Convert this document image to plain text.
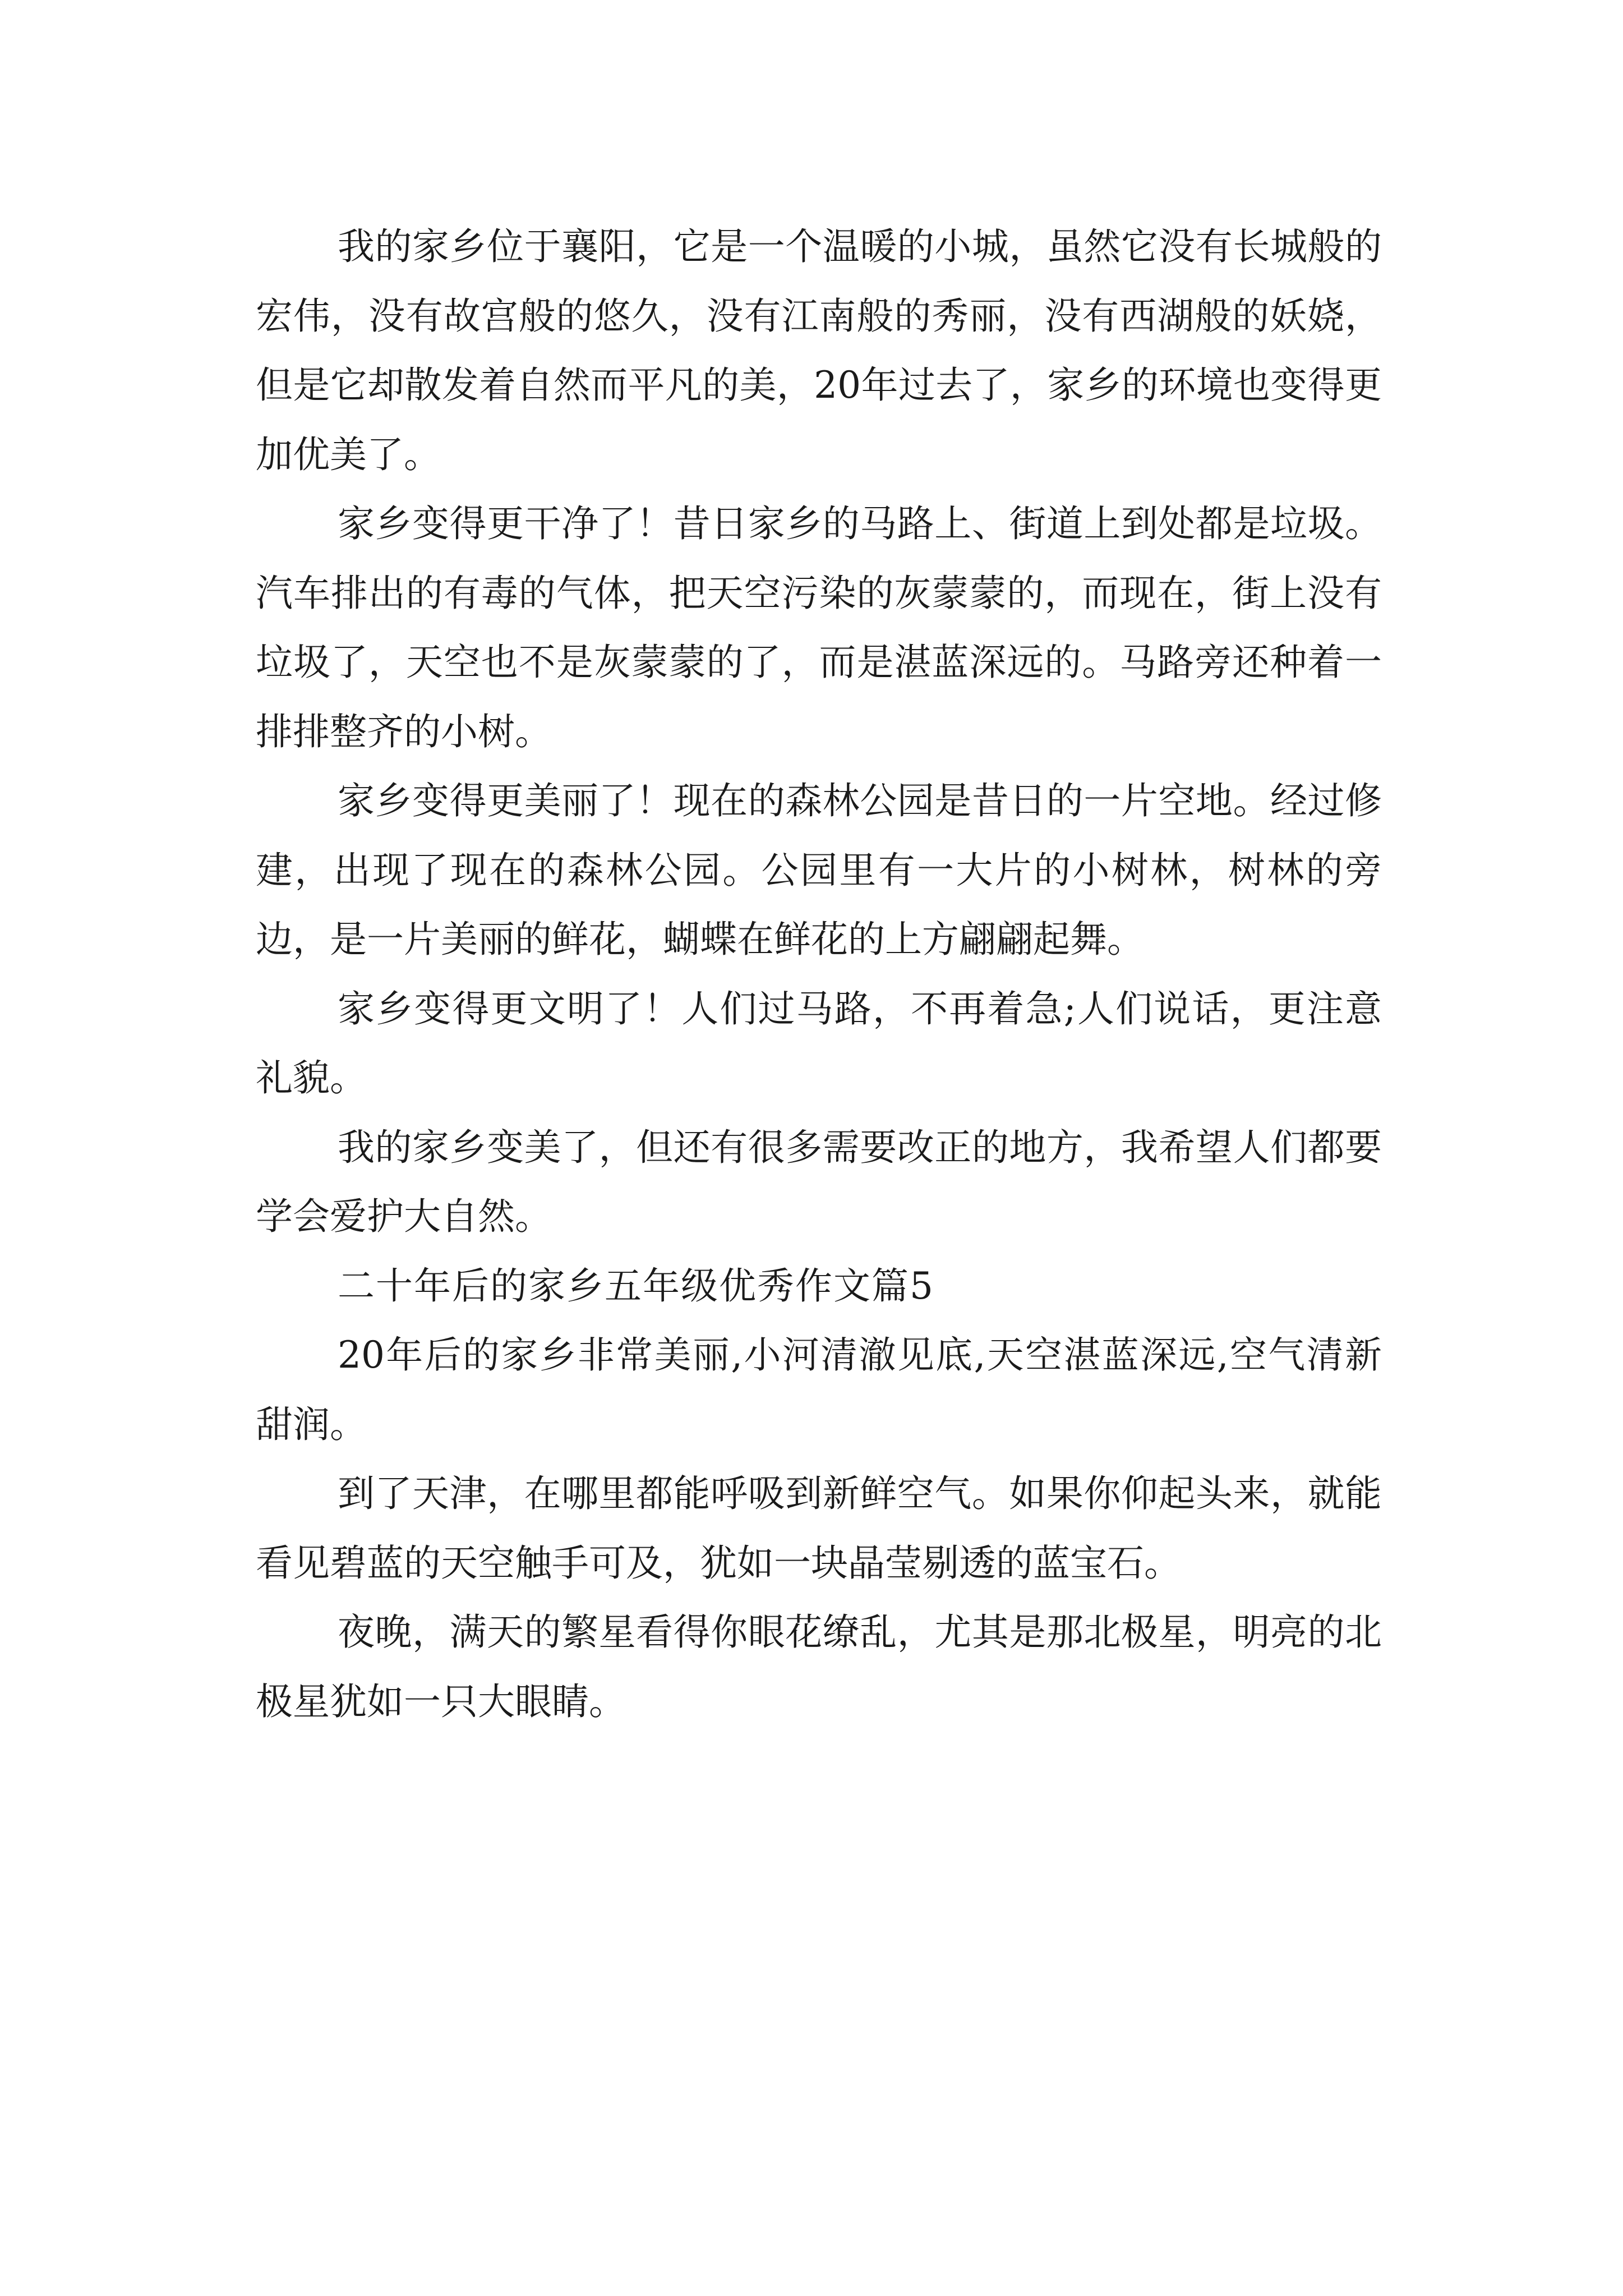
我的家乡位于襄阳，它是一个温暖的小城，虽然它没有长城般的宏伟，没有故宫般的悠久，没有江南般的秀丽，没有西湖般的妖娆，但是它却散发着自然而平凡的美，20年过去了，家乡的环境也变得更加优美了。

家乡变得更干净了！昔日家乡的马路上、街道上到处都是垃圾。汽车排出的有毒的气体，把天空污染的灰蒙蒙的，而现在，街上没有垃圾了，天空也不是灰蒙蒙的了，而是湛蓝深远的。马路旁还种着一排排整齐的小树。

家乡变得更美丽了！现在的森林公园是昔日的一片空地。经过修建，出现了现在的森林公园。公园里有一大片的小树林，树林的旁边，是一片美丽的鲜花，蝴蝶在鲜花的上方翩翩起舞。

家乡变得更文明了！人们过马路，不再着急;人们说话，更注意礼貌。

我的家乡变美了，但还有很多需要改正的地方，我希望人们都要学会爱护大自然。

二十年后的家乡五年级优秀作文篇5

20年后的家乡非常美丽,小河清澈见底,天空湛蓝深远,空气清新甜润。

到了天津，在哪里都能呼吸到新鲜空气。如果你仰起头来，就能看见碧蓝的天空触手可及，犹如一块晶莹剔透的蓝宝石。

夜晚，满天的繁星看得你眼花缭乱，尤其是那北极星，明亮的北极星犹如一只大眼睛。
